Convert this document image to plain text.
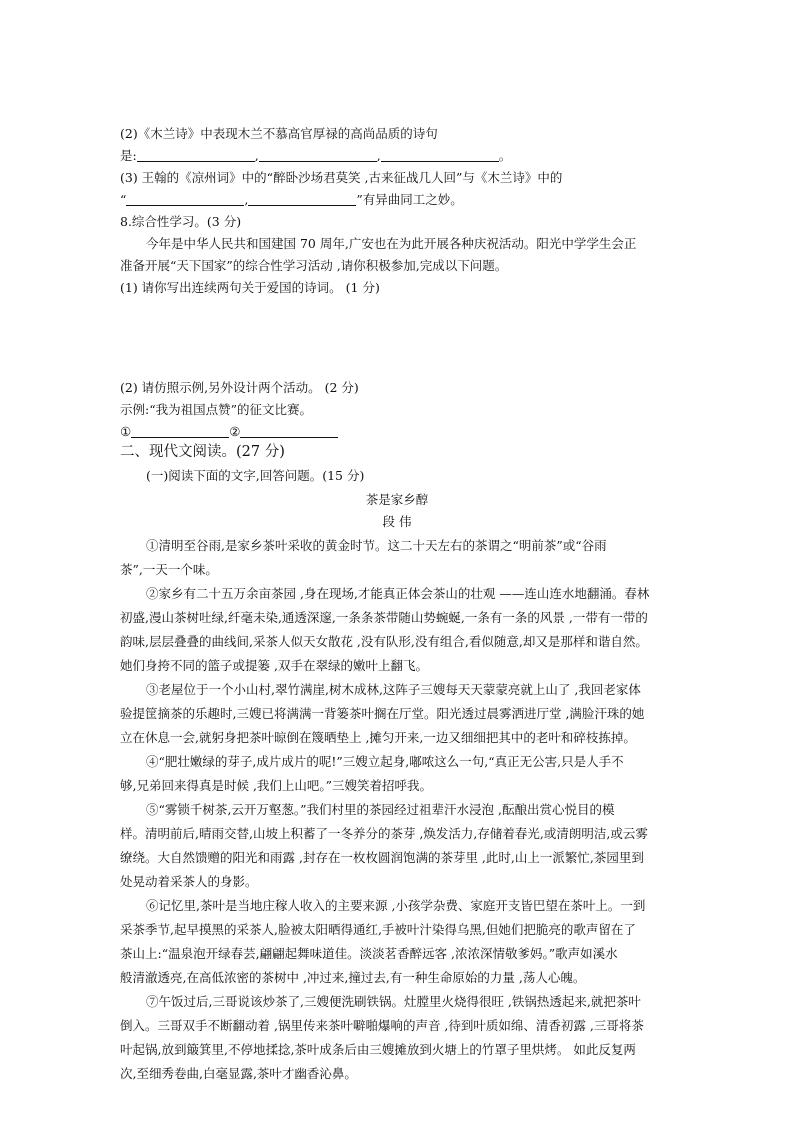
(2)《木兰诗》中表现木兰不慕高官厚禄的高尚品质的诗句
是:	,	,	。
(3) 王翰的《凉州词》中的“醉卧沙场君莫笑 ,古来征战几人回”与《木兰诗》中的
“	,	”有异曲同工之妙。
8.综合性学习。(3 分)
今年是中华人民共和国建国 70 周年,广安也在为此开展各种庆祝活动。阳光中学学生会正
准备开展“天下国家”的综合性学习活动 ,请你积极参加,完成以下问题。
(1) 请你写出连续两句关于爱国的诗词。 (1 分)
(2) 请仿照示例,另外设计两个活动。 (2 分)
示例:“我为祖国点赞”的征文比赛。
①	②
二、现代文阅读。(27 分)
(一)阅读下面的文字,回答问题。(15 分)
茶是家乡醇
段 伟
①清明至谷雨,是家乡茶叶采收的黄金时节。这二十天左右的茶谓之“明前茶”或“谷雨
茶”,一天一个味。
②家乡有二十五万余亩茶园 ,身在现场,才能真正体会茶山的壮观 ——连山连水地翻涌。春林
初盛,漫山茶树吐绿,纤毫未染,通透深邃,一条条茶带随山势蜿蜒,一条有一条的风景 ,一带有一带的
韵味,层层叠叠的曲线间,采茶人似天女散花 ,没有队形,没有组合,看似随意,却又是那样和谐自然。
她们身挎不同的篮子或提篓 ,双手在翠绿的嫩叶上翻飞。
③老屋位于一个小山村,翠竹满崖,树木成林,这阵子三嫂每天天蒙蒙亮就上山了 ,我回老家体
验提筐摘茶的乐趣时,三嫂已将满满一背篓茶叶搁在厅堂。阳光透过晨雾洒进厅堂 ,满脸汗珠的她
立在休息一会,就躬身把茶叶晾倒在篾晒垫上 ,摊匀开来,一边又细细把其中的老叶和碎枝拣掉。
④“肥壮嫩绿的芽子,成片成片的呢!”三嫂立起身,嘟哝这么一句,“真正无公害,只是人手不
够,兄弟回来得真是时候 ,我们上山吧。”三嫂笑着招呼我。
⑤“雾锁千树茶,云开万壑葱。”我们村里的茶园经过祖辈汗水浸泡 ,酝酿出赏心悦目的模
样。清明前后,晴雨交替,山坡上积蓄了一冬养分的茶芽 ,焕发活力,存储着春光,或清朗明洁,或云雾
缭绕。大自然馈赠的阳光和雨露 ,封存在一枚枚圆润饱满的茶芽里 ,此时,山上一派繁忙,茶园里到
处晃动着采茶人的身影。
⑥记忆里,茶叶是当地庄稼人收入的主要来源 ,小孩学杂费、家庭开支皆巴望在茶叶上。一到
采茶季节,起早摸黑的采茶人,脸被太阳晒得通红,手被叶汁染得乌黑,但她们把脆亮的歌声留在了
茶山上:“温泉泡开绿春芸,翩翩起舞味道佳。淡淡茗香醉远客 ,浓浓深情敬爹妈。”歌声如溪水
般清澈透亮,在高低浓密的茶树中 ,冲过来,撞过去,有一种生命原始的力量 ,荡人心魄。
⑦午饭过后,三哥说该炒茶了,三嫂便洗刷铁锅。灶膛里火烧得很旺 ,铁锅热透起来,就把茶叶
倒入。三哥双手不断翻动着 ,锅里传来茶叶噼啪爆响的声音 ,待到叶质如绵、清香初露 ,三哥将茶
叶起锅,放到簸箕里,不停地揉捻,茶叶成条后由三嫂摊放到火塘上的竹罩子里烘烤。 如此反复两
次,至细秀卷曲,白毫显露,茶叶才幽香沁鼻。
